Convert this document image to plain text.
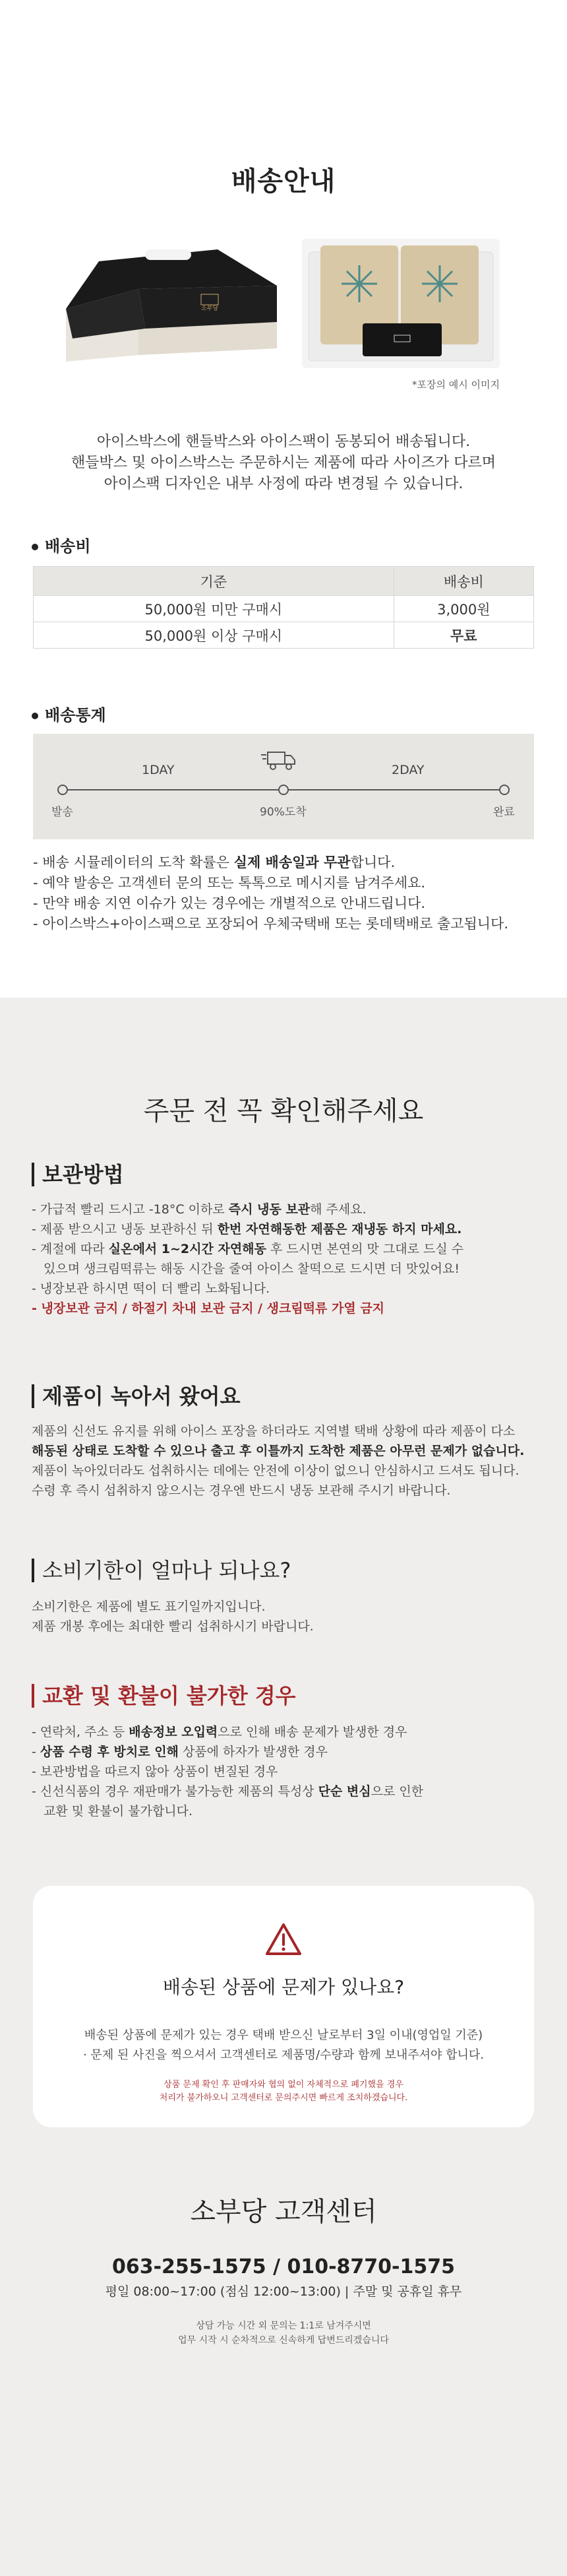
배송안내
소부당
*포장의 예시 이미지
아이스박스에 핸들박스와 아이스팩이 동봉되어 배송됩니다.
핸들박스 및 아이스박스는 주문하시는 제품에 따라 사이즈가 다르며
아이스팩 디자인은 내부 사정에 따라 변경될 수 있습니다.
배송비
기준	배송비
50,000원 미만 구매시	3,000원
50,000원 이상 구매시	무료
배송통계
1DAY	2DAY
발송	90%도착	완료
- 배송 시뮬레이터의 도착 확률은 실제 배송일과 무관합니다.
- 예약 발송은 고객센터 문의 또는 톡톡으로 메시지를 남겨주세요.
- 만약 배송 지연 이슈가 있는 경우에는 개별적으로 안내드립니다.
- 아이스박스+아이스팩으로 포장되어 우체국택배 또는 롯데택배로 출고됩니다.
주문 전 꼭 확인해주세요
보관방법
- 가급적 빨리 드시고 -18°C 이하로 즉시 냉동 보관해 주세요.
- 제품 받으시고 냉동 보관하신 뒤 한번 자연해동한 제품은 재냉동 하지 마세요.
- 계절에 따라 실온에서 1~2시간 자연해동 후 드시면 본연의 맛 그대로 드실 수
있으며 생크림떡류는 해동 시간을 줄여 아이스 찰떡으로 드시면 더 맛있어요!
- 냉장보관 하시면 떡이 더 빨리 노화됩니다.
- 냉장보관 금지 / 하절기 차내 보관 금지 / 생크림떡류 가열 금지
제품이 녹아서 왔어요
제품의 신선도 유지를 위해 아이스 포장을 하더라도 지역별 택배 상황에 따라 제품이 다소
해동된 상태로 도착할 수 있으나 출고 후 이틀까지 도착한 제품은 아무런 문제가 없습니다.
제품이 녹아있더라도 섭취하시는 데에는 안전에 이상이 없으니 안심하시고 드셔도 됩니다.
수령 후 즉시 섭취하지 않으시는 경우엔 반드시 냉동 보관해 주시기 바랍니다.
소비기한이 얼마나 되나요?
소비기한은 제품에 별도 표기일까지입니다.
제품 개봉 후에는 최대한 빨리 섭취하시기 바랍니다.
교환 및 환불이 불가한 경우
- 연락처, 주소 등 배송정보 오입력으로 인해 배송 문제가 발생한 경우
- 상품 수령 후 방치로 인해 상품에 하자가 발생한 경우
- 보관방법을 따르지 않아 상품이 변질된 경우
- 신선식품의 경우 재판매가 불가능한 제품의 특성상 단순 변심으로 인한
교환 및 환불이 불가합니다.
배송된 상품에 문제가 있나요?
배송된 상품에 문제가 있는 경우 택배 받으신 날로부터 3일 이내(영업일 기준)
· 문제 된 사진을 찍으셔서 고객센터로 제품명/수량과 함께 보내주셔야 합니다.
상품 문제 확인 후 판매자와 협의 없이 자체적으로 폐기했을 경우
처리가 불가하오니 고객센터로 문의주시면 빠르게 조치하겠습니다.
소부당 고객센터
063-255-1575 / 010-8770-1575
평일 08:00~17:00 (점심 12:00~13:00) | 주말 및 공휴일 휴무
상담 가능 시간 외 문의는 1:1로 남겨주시면
업무 시작 시 순차적으로 신속하게 답변드리겠습니다
